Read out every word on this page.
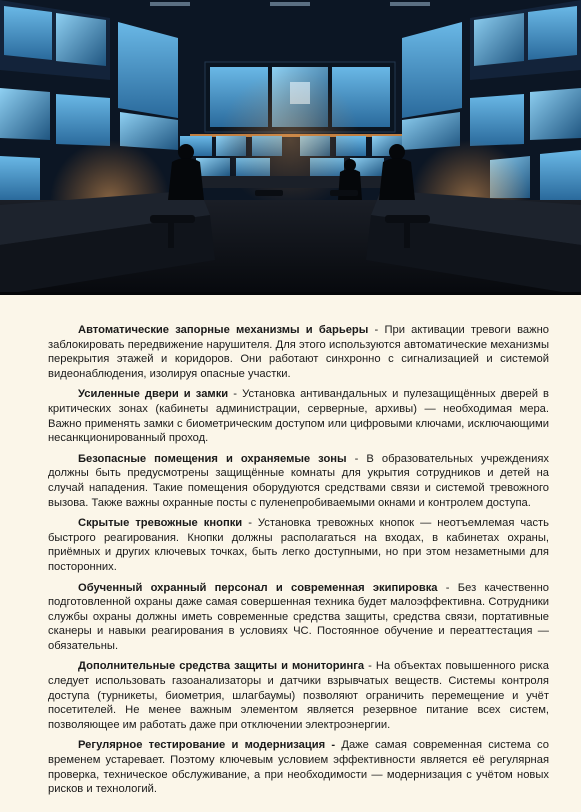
Автоматические запорные механизмы и барьеры - При активации тревоги важно заблокировать передвижение нарушителя. Для этого используются автоматические механизмы перекрытия этажей и коридоров. Они работают синхронно с сигнализацией и системой видеонаблюдения, изолируя опасные участки.

Усиленные двери и замки - Установка антивандальных и пулезащищённых дверей в критических зонах (кабинеты администрации, серверные, архивы) — необходимая мера. Важно применять замки с биометрическим доступом или цифровыми ключами, исключающими несанкционированный проход.

Безопасные помещения и охраняемые зоны - В образовательных учреждениях должны быть предусмотрены защищённые комнаты для укрытия сотрудников и детей на случай нападения. Такие помещения оборудуются средствами связи и системой тревожного вызова. Также важны охранные посты с пуленепробиваемыми окнами и контролем доступа.

Скрытые тревожные кнопки - Установка тревожных кнопок — неотъемлемая часть быстрого реагирования. Кнопки должны располагаться на входах, в кабинетах охраны, приёмных и других ключевых точках, быть легко доступными, но при этом незаметными для посторонних.

Обученный охранный персонал и современная экипировка - Без качественно подготовленной охраны даже самая совершенная техника будет малоэффективна. Сотрудники службы охраны должны иметь современные средства защиты, средства связи, портативные сканеры и навыки реагирования в условиях ЧС. Постоянное обучение и переаттестация — обязательны.

Дополнительные средства защиты и мониторинга - На объектах повышенного риска следует использовать газоанализаторы и датчики взрывчатых веществ. Системы контроля доступа (турникеты, биометрия, шлагбаумы) позволяют ограничить перемещение и учёт посетителей. Не менее важным элементом является резервное питание всех систем, позволяющее им работать даже при отключении электроэнергии.

Регулярное тестирование и модернизация - Даже самая современная система со временем устаревает. Поэтому ключевым условием эффективности является её регулярная проверка, техническое обслуживание, а при необходимости — модернизация с учётом новых рисков и технологий.
